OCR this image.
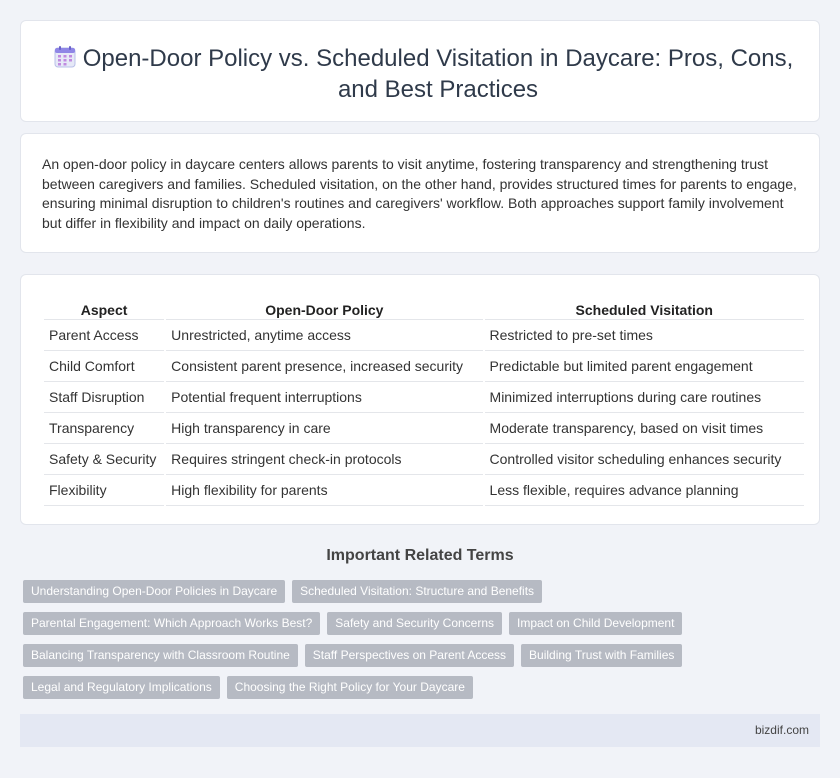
Open-Door Policy vs. Scheduled Visitation in Daycare: Pros, Cons, and Best Practices

An open-door policy in daycare centers allows parents to visit anytime, fostering transparency and strengthening trust between caregivers and families. Scheduled visitation, on the other hand, provides structured times for parents to engage, ensuring minimal disruption to children's routines and caregivers' workflow. Both approaches support family involvement but differ in flexibility and impact on daily operations.

Aspect	Open-Door Policy	Scheduled Visitation
Parent Access	Unrestricted, anytime access	Restricted to pre-set times
Child Comfort	Consistent parent presence, increased security	Predictable but limited parent engagement
Staff Disruption	Potential frequent interruptions	Minimized interruptions during care routines
Transparency	High transparency in care	Moderate transparency, based on visit times
Safety & Security	Requires stringent check-in protocols	Controlled visitor scheduling enhances security
Flexibility	High flexibility for parents	Less flexible, requires advance planning
Important Related Terms
Understanding Open-Door Policies in Daycare	Scheduled Visitation: Structure and Benefits
Parental Engagement: Which Approach Works Best?	Safety and Security Concerns	Impact on Child Development
Balancing Transparency with Classroom Routine	Staff Perspectives on Parent Access	Building Trust with Families
Legal and Regulatory Implications	Choosing the Right Policy for Your Daycare
bizdif.com
